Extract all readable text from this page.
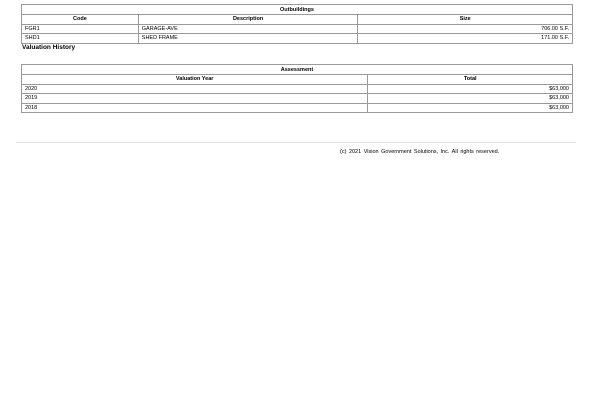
Outbuildings		
Code	Description	Size
FGR1	GARAGE-AVE	706.00 S.F.
SHD1	SHED FRAME	171.00 S.F.
Valuation History
Assessment	
Valuation Year	Total
2020	$63,000
2019	$63,000
2018	$63,000
(c) 2021 Vision Government Solutions, Inc. All rights reserved.
